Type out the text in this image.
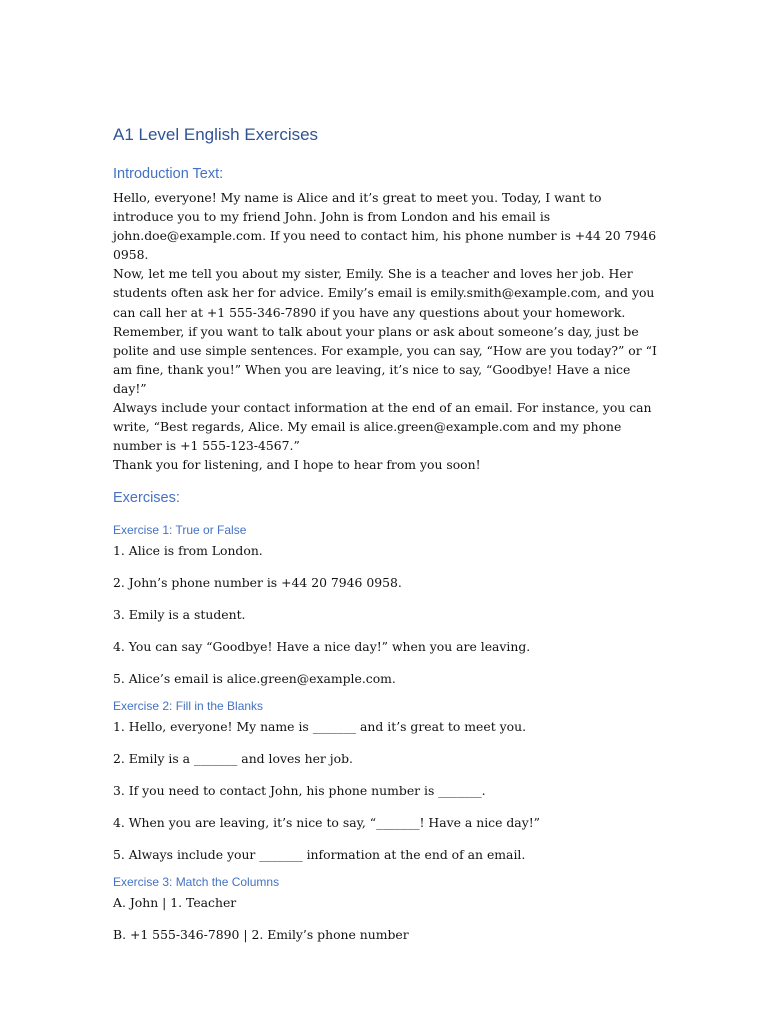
A1 Level English Exercises
Introduction Text:

Hello, everyone! My name is Alice and it’s great to meet you. Today, I want to introduce you to my friend John. John is from London and his email is john.doe@example.com. If you need to contact him, his phone number is +44 20 7946 0958.

Now, let me tell you about my sister, Emily. She is a teacher and loves her job. Her students often ask her for advice. Emily’s email is emily.smith@example.com, and you can call her at +1 555-346-7890 if you have any questions about your homework.

Remember, if you want to talk about your plans or ask about someone’s day, just be polite and use simple sentences. For example, you can say, “How are you today?” or “I am fine, thank you!” When you are leaving, it’s nice to say, “Goodbye! Have a nice day!”

Always include your contact information at the end of an email. For instance, you can write, “Best regards, Alice. My email is alice.green@example.com and my phone number is +1 555-123-4567.”

Thank you for listening, and I hope to hear from you soon!

Exercises:
Exercise 1: True or False

1. Alice is from London.

2. John’s phone number is +44 20 7946 0958.

3. Emily is a student.

4. You can say “Goodbye! Have a nice day!” when you are leaving.

5. Alice’s email is alice.green@example.com.

Exercise 2: Fill in the Blanks

1. Hello, everyone! My name is _______ and it’s great to meet you.

2. Emily is a _______ and loves her job.

3. If you need to contact John, his phone number is _______.

4. When you are leaving, it’s nice to say, “_______! Have a nice day!”

5. Always include your _______ information at the end of an email.

Exercise 3: Match the Columns

A. John | 1. Teacher

B. +1 555-346-7890 | 2. Emily’s phone number
